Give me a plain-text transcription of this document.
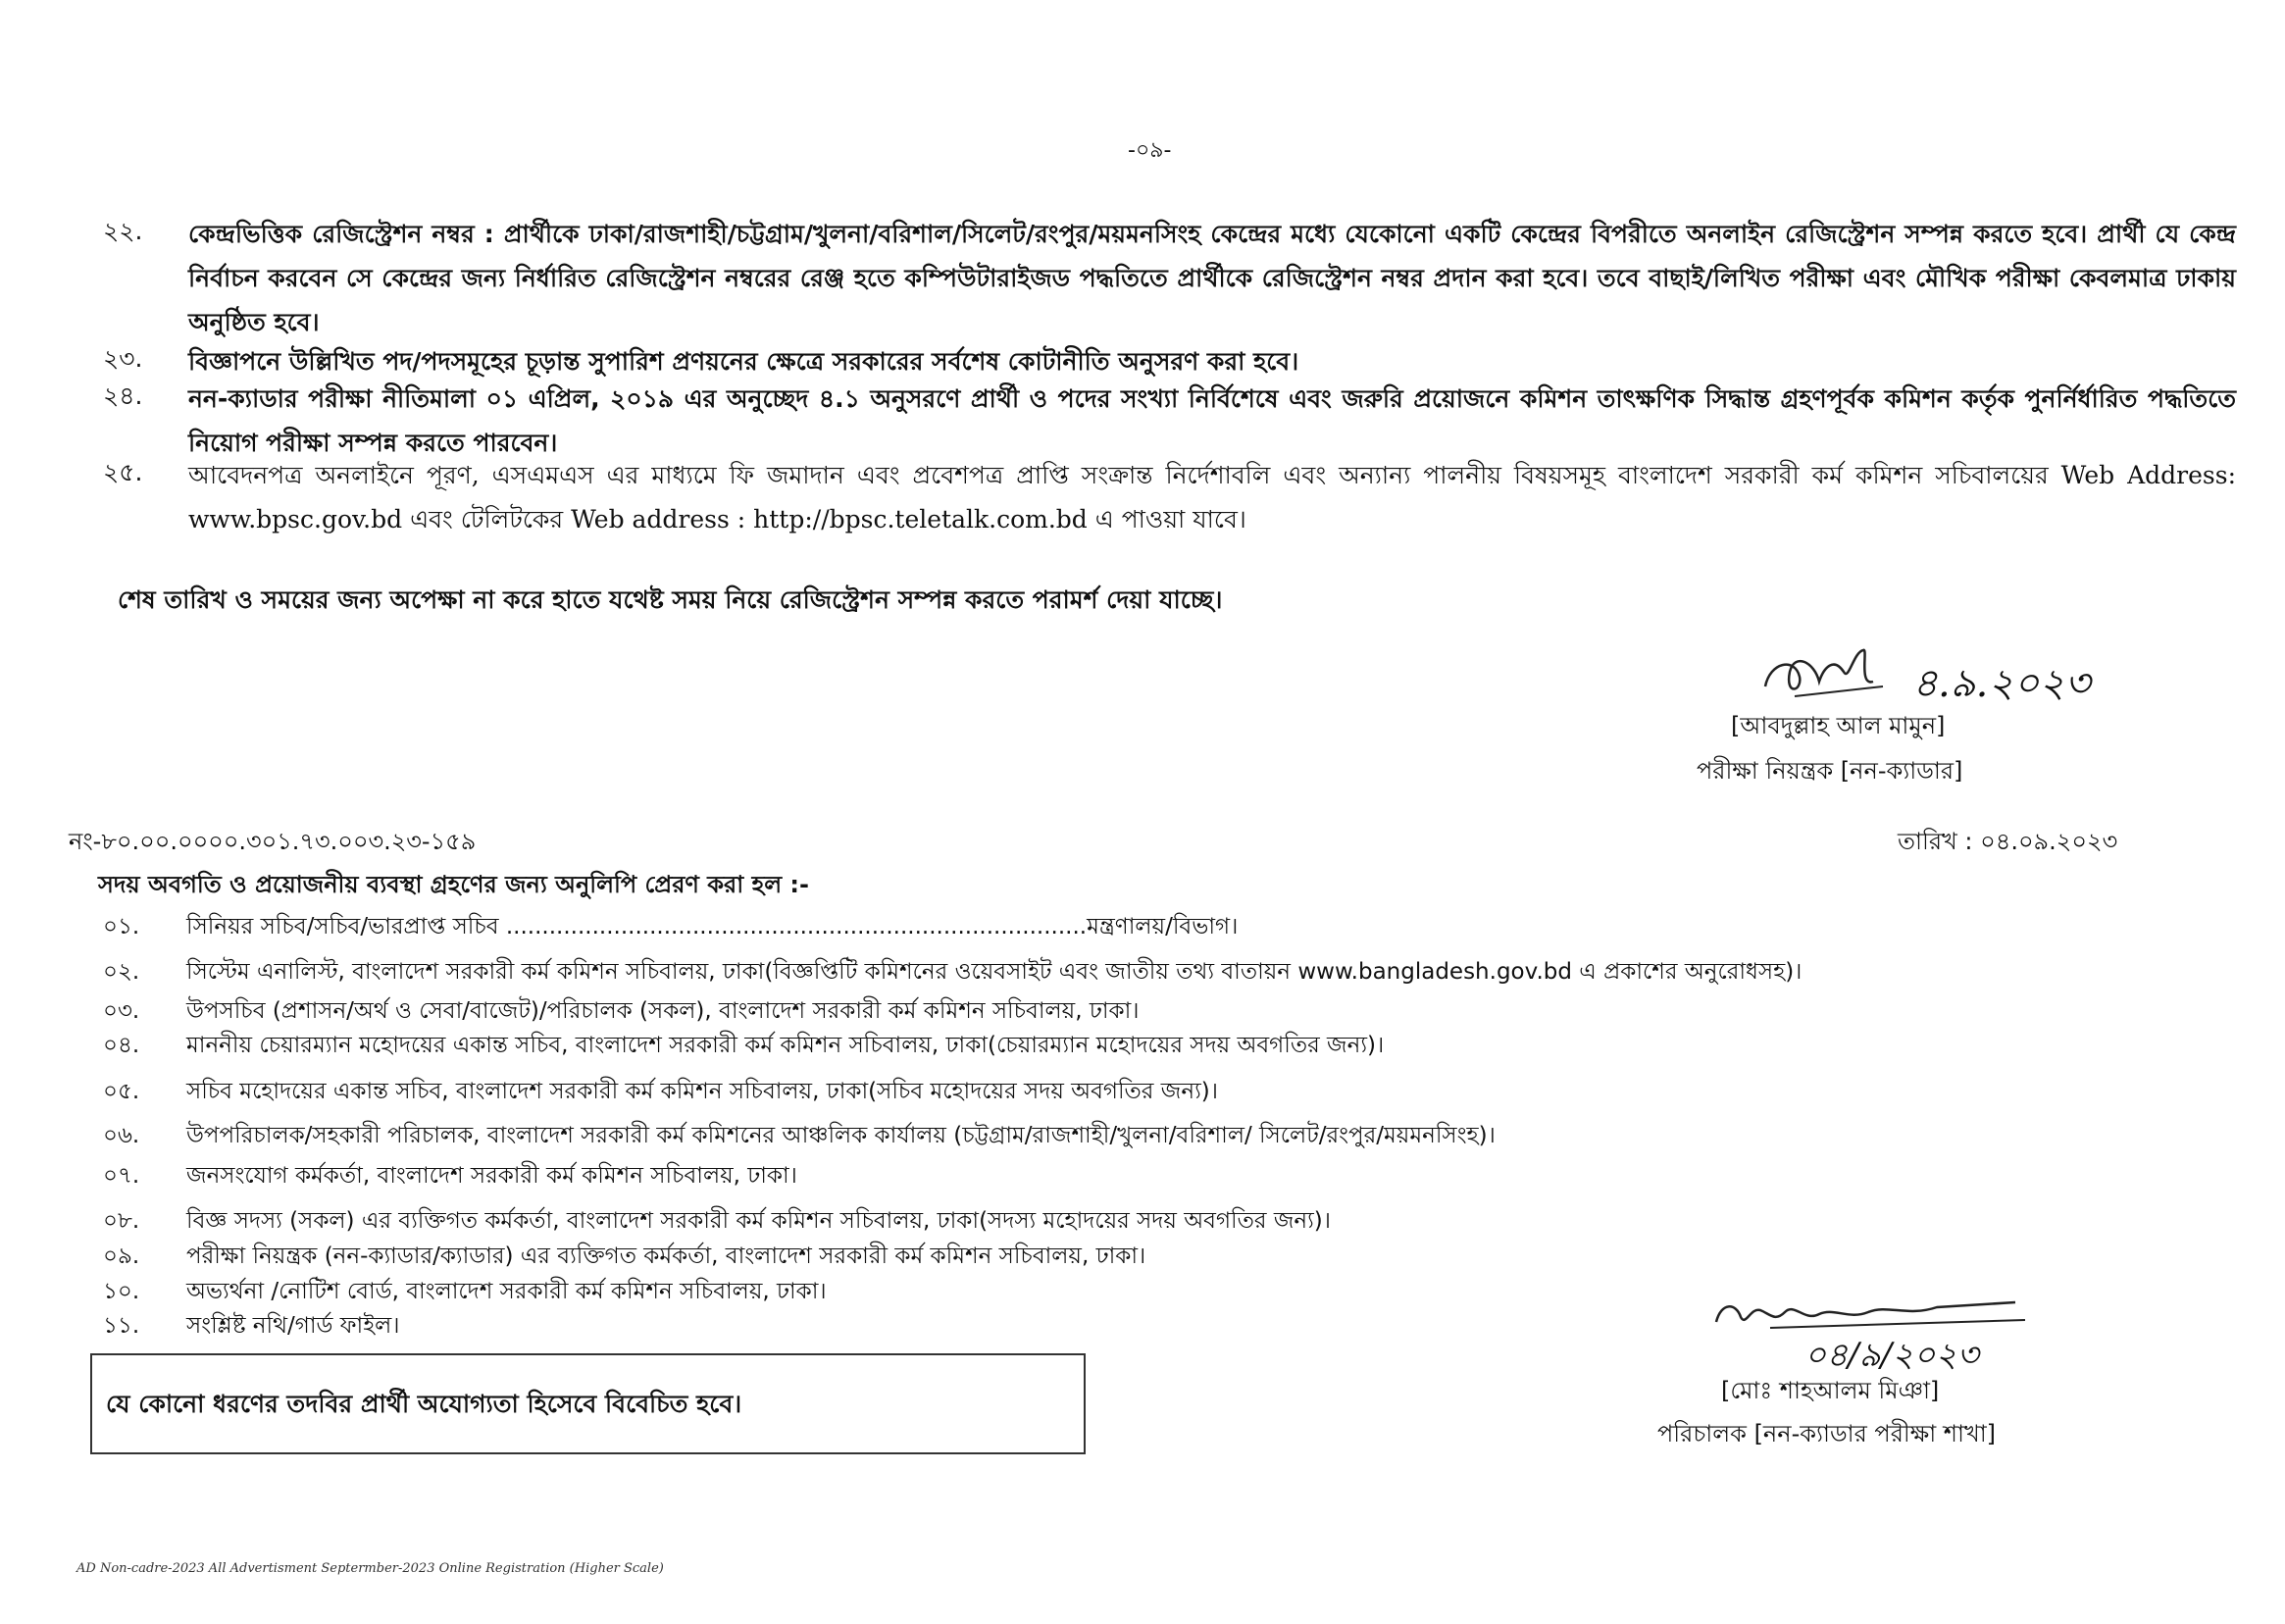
-০৯-
২২.	কেন্দ্রভিত্তিক রেজিস্ট্রেশন নম্বর : প্রার্থীকে ঢাকা/রাজশাহী/চট্টগ্রাম/খুলনা/বরিশাল/সিলেট/রংপুর/ময়মনসিংহ কেন্দ্রের মধ্যে যেকোনো একটি কেন্দ্রের বিপরীতে অনলাইন রেজিস্ট্রেশন সম্পন্ন করতে হবে। প্রার্থী যে কেন্দ্র নির্বাচন করবেন সে কেন্দ্রের জন্য নির্ধারিত রেজিস্ট্রেশন নম্বরের রেঞ্জ হতে কম্পিউটারাইজড পদ্ধতিতে প্রার্থীকে রেজিস্ট্রেশন নম্বর প্রদান করা হবে। তবে বাছাই/লিখিত পরীক্ষা এবং মৌখিক পরীক্ষা কেবলমাত্র ঢাকায় অনুষ্ঠিত হবে।
২৩.	বিজ্ঞাপনে উল্লিখিত পদ/পদসমূহের চূড়ান্ত সুপারিশ প্রণয়নের ক্ষেত্রে সরকারের সর্বশেষ কোটানীতি অনুসরণ করা হবে।
২৪.	নন-ক্যাডার পরীক্ষা নীতিমালা ০১ এপ্রিল, ২০১৯ এর অনুচ্ছেদ ৪.১ অনুসরণে প্রার্থী ও পদের সংখ্যা নির্বিশেষে এবং জরুরি প্রয়োজনে কমিশন তাৎক্ষণিক সিদ্ধান্ত গ্রহণপূর্বক কমিশন কর্তৃক পুনর্নির্ধারিত পদ্ধতিতে নিয়োগ পরীক্ষা সম্পন্ন করতে পারবেন।
২৫.	আবেদনপত্র অনলাইনে পূরণ, এসএমএস এর মাধ্যমে ফি জমাদান এবং প্রবেশপত্র প্রাপ্তি সংক্রান্ত নির্দেশাবলি এবং অন্যান্য পালনীয় বিষয়সমূহ বাংলাদেশ সরকারী কর্ম কমিশন সচিবালয়ের Web Address: www.bpsc.gov.bd এবং টেলিটকের Web address : http://bpsc.teletalk.com.bd এ পাওয়া যাবে।
শেষ তারিখ ও সময়ের জন্য অপেক্ষা না করে হাতে যথেষ্ট সময় নিয়ে রেজিস্ট্রেশন সম্পন্ন করতে পরামর্শ দেয়া যাচ্ছে।
৪.৯.২০২৩
[আবদুল্লাহ আল মামুন]
পরীক্ষা নিয়ন্ত্রক [নন-ক্যাডার]
নং-৮০.০০.০০০০.৩০১.৭৩.০০৩.২৩-১৫৯	তারিখ : ০৪.০৯.২০২৩
সদয় অবগতি ও প্রয়োজনীয় ব্যবস্থা গ্রহণের জন্য অনুলিপি প্রেরণ করা হল :-
০১.	সিনিয়র সচিব/সচিব/ভারপ্রাপ্ত সচিব .................................................................................মন্ত্রণালয়/বিভাগ।
০২.	সিস্টেম এনালিস্ট, বাংলাদেশ সরকারী কর্ম কমিশন সচিবালয়, ঢাকা(বিজ্ঞপ্তিটি কমিশনের ওয়েবসাইট এবং জাতীয় তথ্য বাতায়ন www.bangladesh.gov.bd এ প্রকাশের অনুরোধসহ)।
০৩.	উপসচিব (প্রশাসন/অর্থ ও সেবা/বাজেট)/পরিচালক (সকল), বাংলাদেশ সরকারী কর্ম কমিশন সচিবালয়, ঢাকা।
০৪.	মাননীয় চেয়ারম্যান মহোদয়ের একান্ত সচিব, বাংলাদেশ সরকারী কর্ম কমিশন সচিবালয়, ঢাকা(চেয়ারম্যান মহোদয়ের সদয় অবগতির জন্য)।
০৫.	সচিব মহোদয়ের একান্ত সচিব, বাংলাদেশ সরকারী কর্ম কমিশন সচিবালয়, ঢাকা(সচিব মহোদয়ের সদয় অবগতির জন্য)।
০৬.	উপপরিচালক/সহকারী পরিচালক, বাংলাদেশ সরকারী কর্ম কমিশনের আঞ্চলিক কার্যালয় (চট্টগ্রাম/রাজশাহী/খুলনা/বরিশাল/ সিলেট/রংপুর/ময়মনসিংহ)।
০৭.	জনসংযোগ কর্মকর্তা, বাংলাদেশ সরকারী কর্ম কমিশন সচিবালয়, ঢাকা।
০৮.	বিজ্ঞ সদস্য (সকল) এর ব্যক্তিগত কর্মকর্তা, বাংলাদেশ সরকারী কর্ম কমিশন সচিবালয়, ঢাকা(সদস্য মহোদয়ের সদয় অবগতির জন্য)।
০৯.	পরীক্ষা নিয়ন্ত্রক (নন-ক্যাডার/ক্যাডার) এর ব্যক্তিগত কর্মকর্তা, বাংলাদেশ সরকারী কর্ম কমিশন সচিবালয়, ঢাকা।
১০.	অভ্যর্থনা /নোটিশ বোর্ড, বাংলাদেশ সরকারী কর্ম কমিশন সচিবালয়, ঢাকা।
১১.	সংশ্লিষ্ট নথি/গার্ড ফাইল।
যে কোনো ধরণের তদবির প্রার্থী অযোগ্যতা হিসেবে বিবেচিত হবে।
০৪/৯/২০২৩
[মোঃ শাহআলম মিঞা]
পরিচালক [নন-ক্যাডার পরীক্ষা শাখা]
AD Non-cadre-2023 All Advertisment Septermber-2023 Online Registration (Higher Scale)
